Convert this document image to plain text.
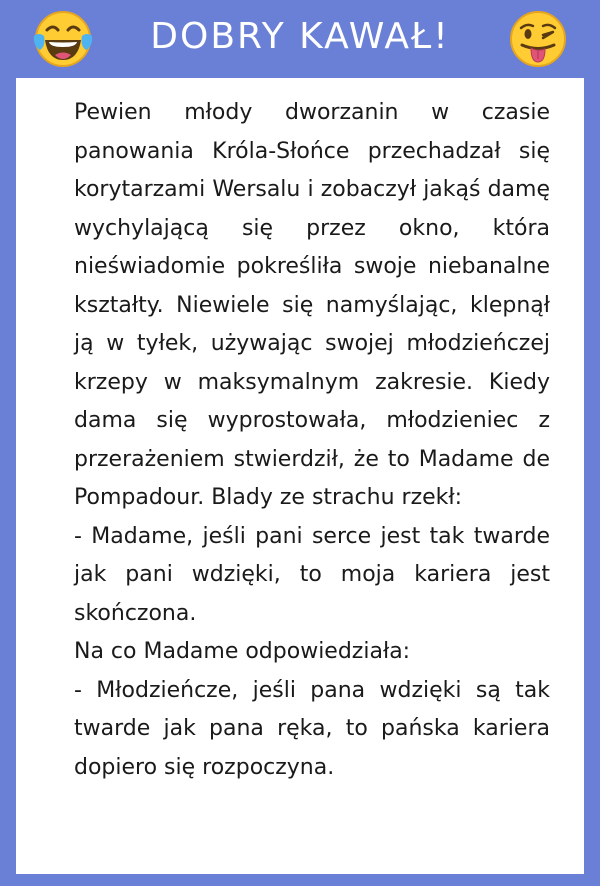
DOBRY KAWAŁ!

Pewien młody dworzanin w czasie panowania Króla-Słońce przechadzał się korytarzami Wersalu i zobaczył jakąś damę wychylającą się przez okno, która nieświadomie pokreśliła swoje niebanalne kształty. Niewiele się namyślając, klepnął ją w tyłek, używając swojej młodzieńczej krzepy w maksymalnym zakresie. Kiedy dama się wyprostowała, młodzieniec z przerażeniem stwierdził, że to Madame de Pompadour. Blady ze strachu rzekł:

- Madame, jeśli pani serce jest tak twarde jak pani wdzięki, to moja kariera jest skończona.

Na co Madame odpowiedziała:

- Młodzieńcze, jeśli pana wdzięki są tak twarde jak pana ręka, to pańska kariera dopiero się rozpoczyna.
